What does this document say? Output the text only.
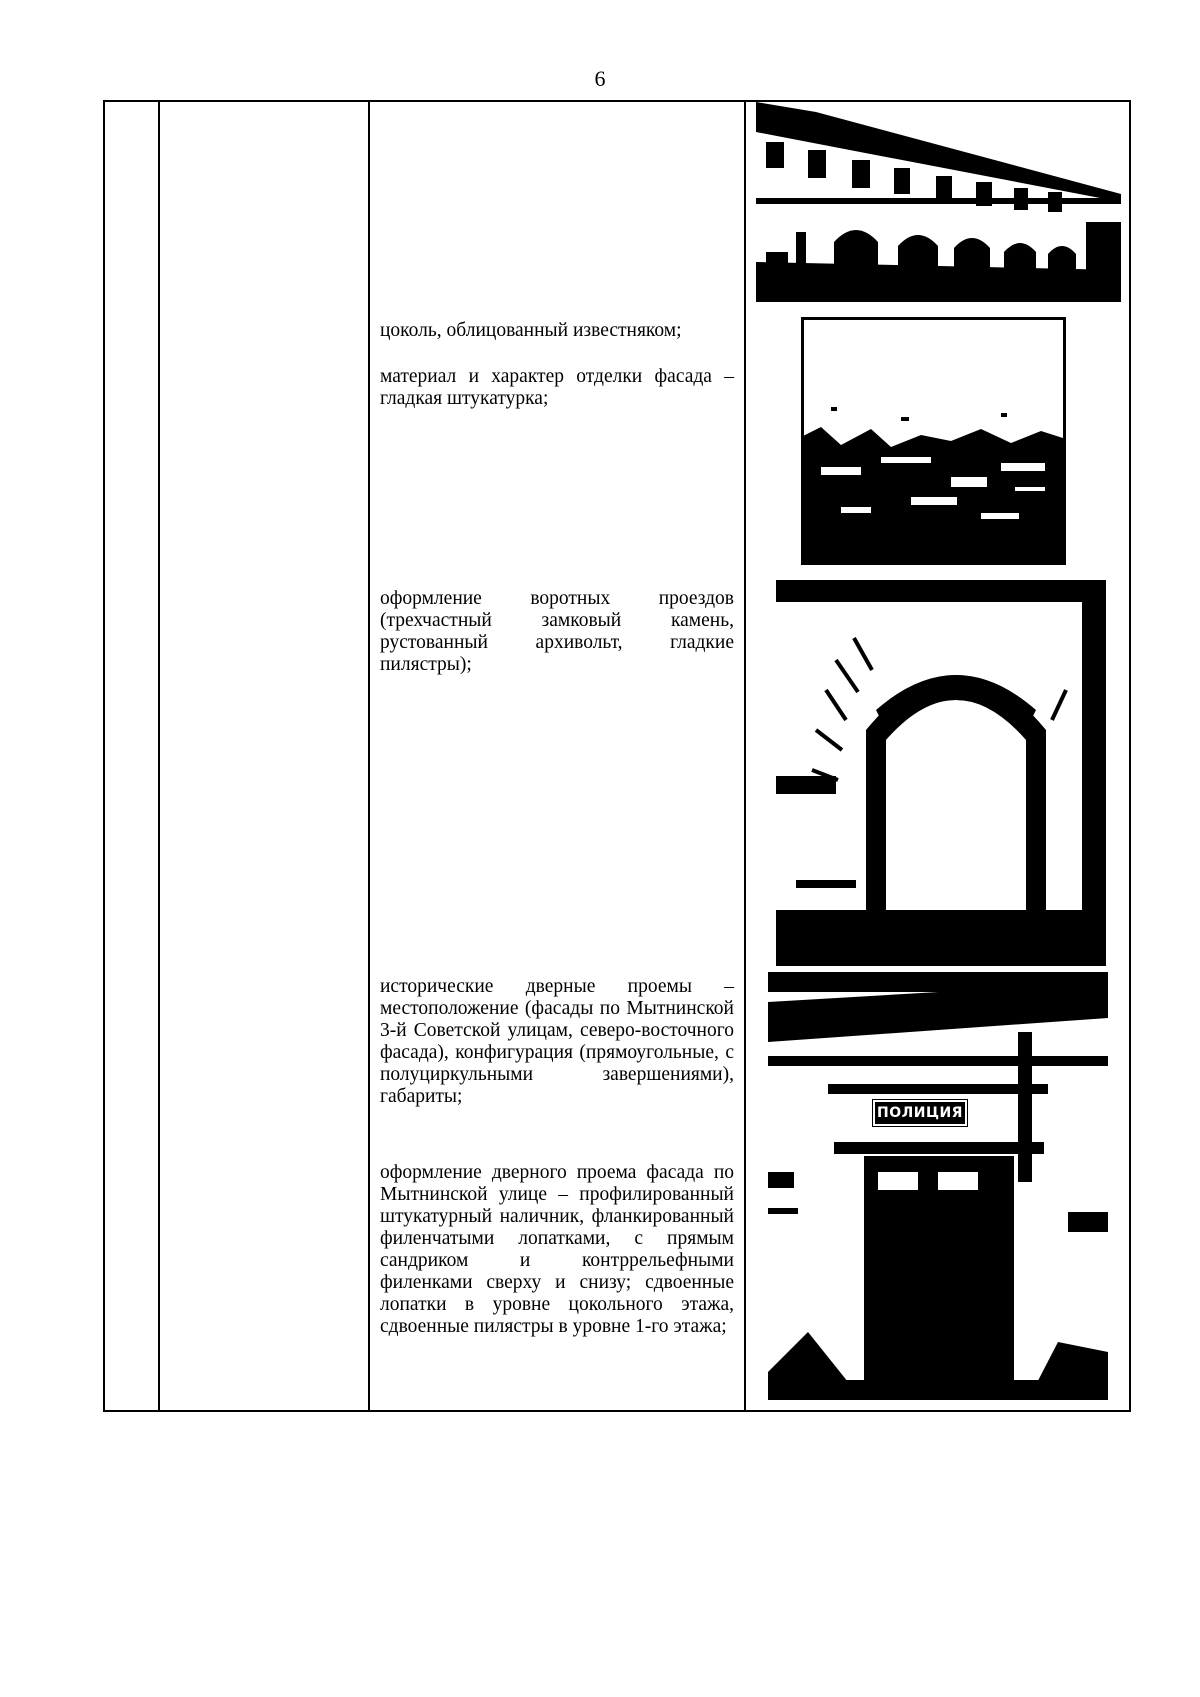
6

цоколь, облицованный известняком;
материал и характер отделки фасада – гладкая штукатурка;
оформление воротных проездов (трехчастный замковый камень, рустованный архивольт, гладкие пилястры);
исторические дверные проемы – местоположение (фасады по Мытнинской 3-й Советской улицам, северо-восточного фасада), конфигурация (прямоугольные, с полуциркульными завершениями), габариты;
оформление дверного проема фасада по Мытнинской улице – профилированный штукатурный наличник, фланкированный филенчатыми лопатками, с прямым сандриком и контррельефными филенками сверху и снизу; сдвоенные лопатки в уровне цокольного этажа, сдвоенные пилястры в уровне 1-го этажа;

ПОЛИЦИЯ
